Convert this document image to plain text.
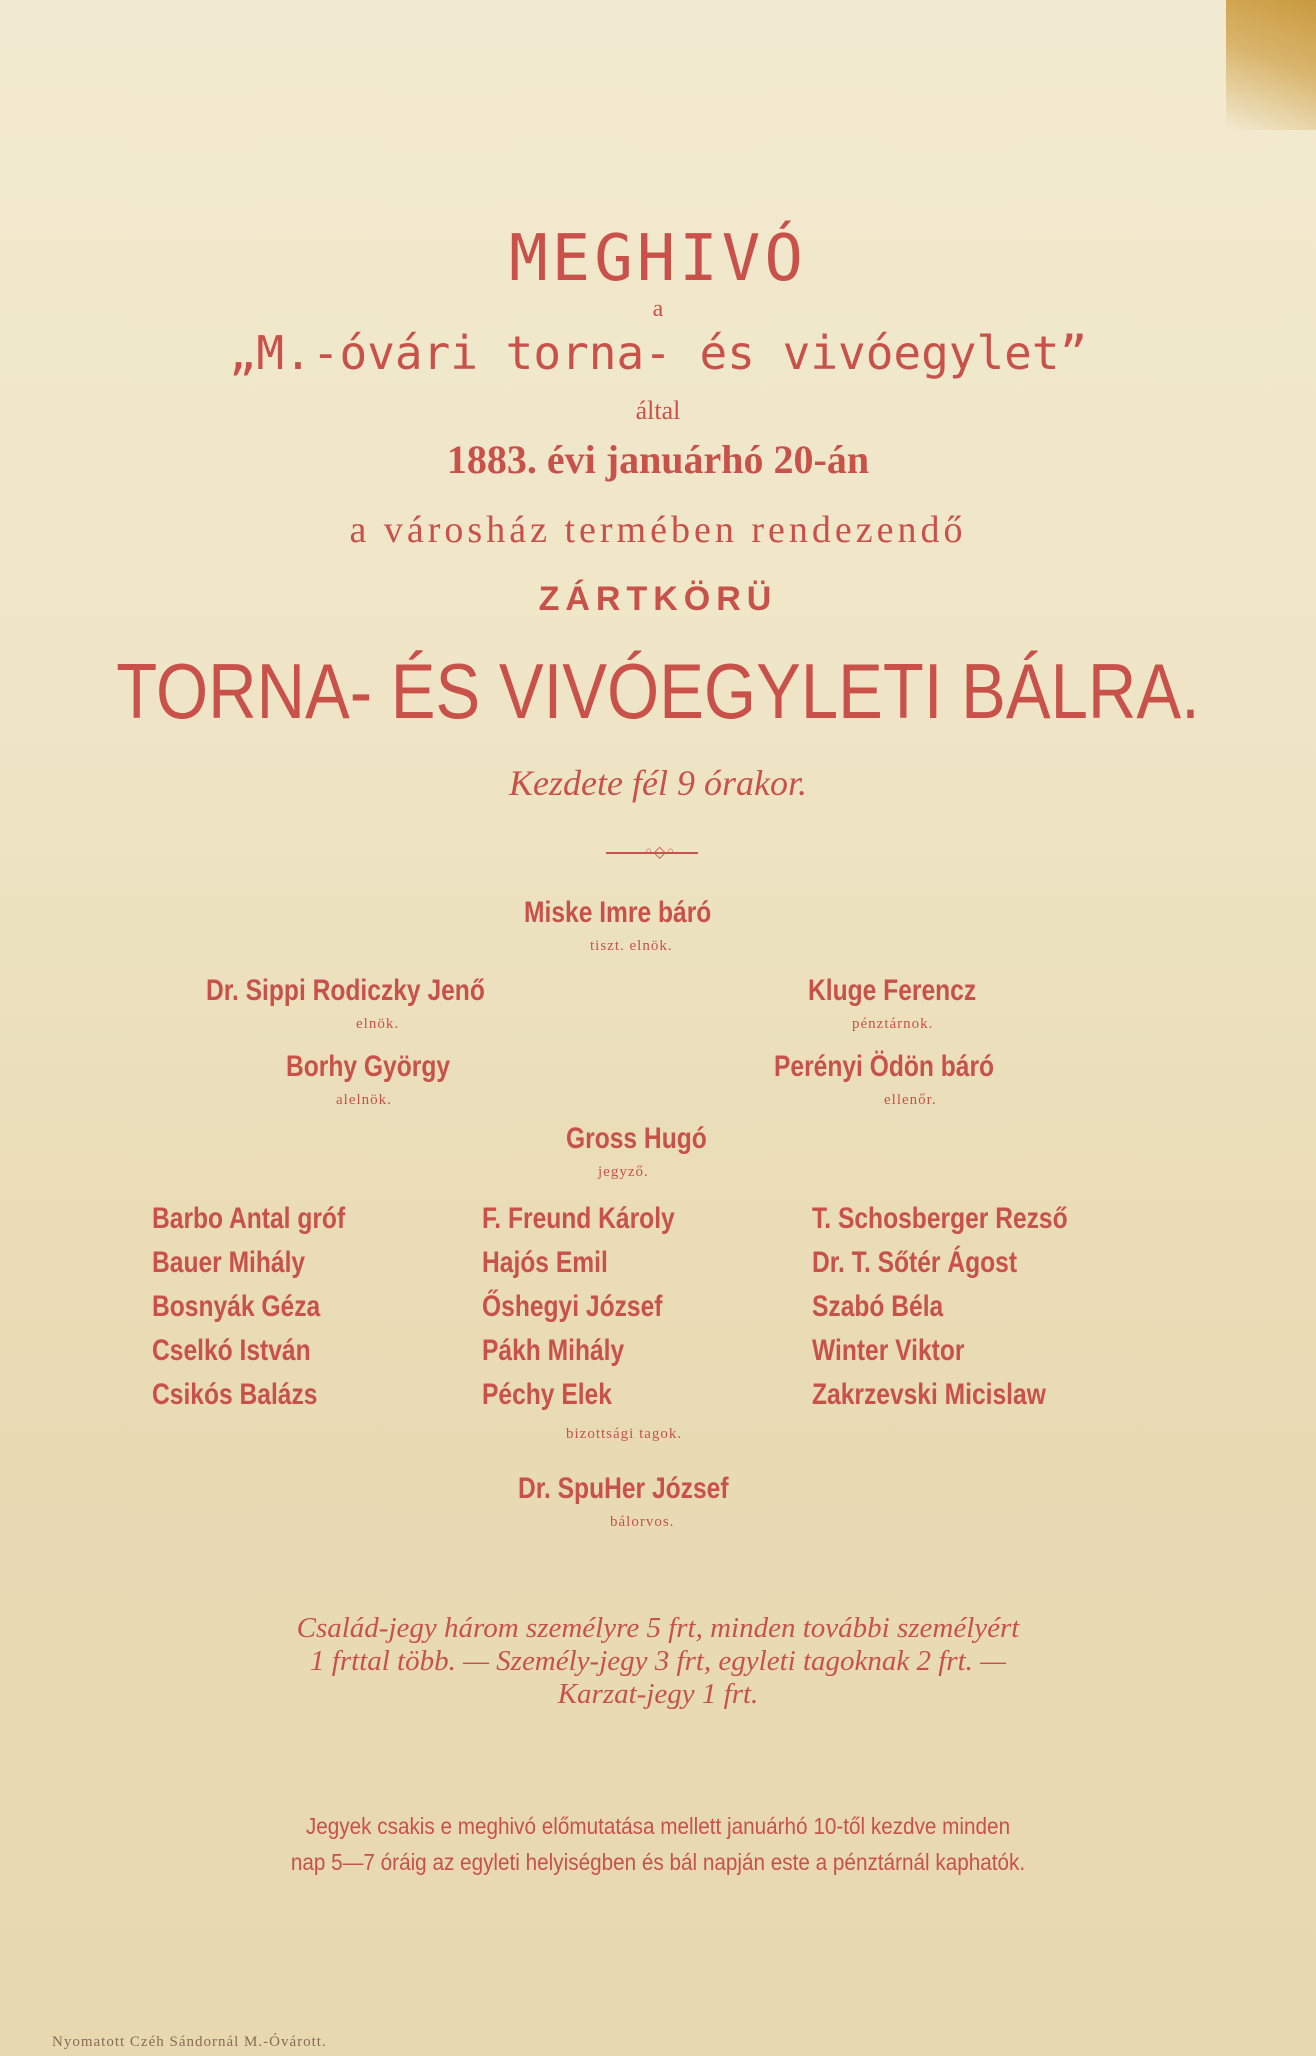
MEGHIVÓ
a
„M.-óvári torna- és vivóegylet”
által
1883. évi januárhó 20-án
a városház termében rendezendő
ZÁRTKÖRÜ
TORNA- ÉS VIVÓEGYLETI BÁLRA.
Kezdete fél 9 órakor.
◦◇◦
Miske Imre báró
tiszt. elnök.
Dr. Sippi Rodiczky Jenő
elnök.
Kluge Ferencz
pénztárnok.
Borhy György
alelnök.
Perényi Ödön báró
ellenőr.
Gross Hugó
jegyző.
Barbo Antal gróf
Bauer Mihály
Bosnyák Géza
Cselkó István
Csikós Balázs
F. Freund Károly
Hajós Emil
Őshegyi József
Pákh Mihály
Péchy Elek
T. Schosberger Rezső
Dr. T. Sőtér Ágost
Szabó Béla
Winter Viktor
Zakrzevski Micislaw
bizottsági tagok.
Dr. SpuHer József
bálorvos.
Család-jegy három személyre 5 frt, minden további személyért
1 frttal több. — Személy-jegy 3 frt, egyleti tagoknak 2 frt. —
Karzat-jegy 1 frt.
Jegyek csakis e meghivó előmutatása mellett januárhó 10-től kezdve minden
nap 5—7 óráig az egyleti helyiségben és bál napján este a pénztárnál kaphatók.
Nyomatott Czéh Sándornál M.-Óvárott.
